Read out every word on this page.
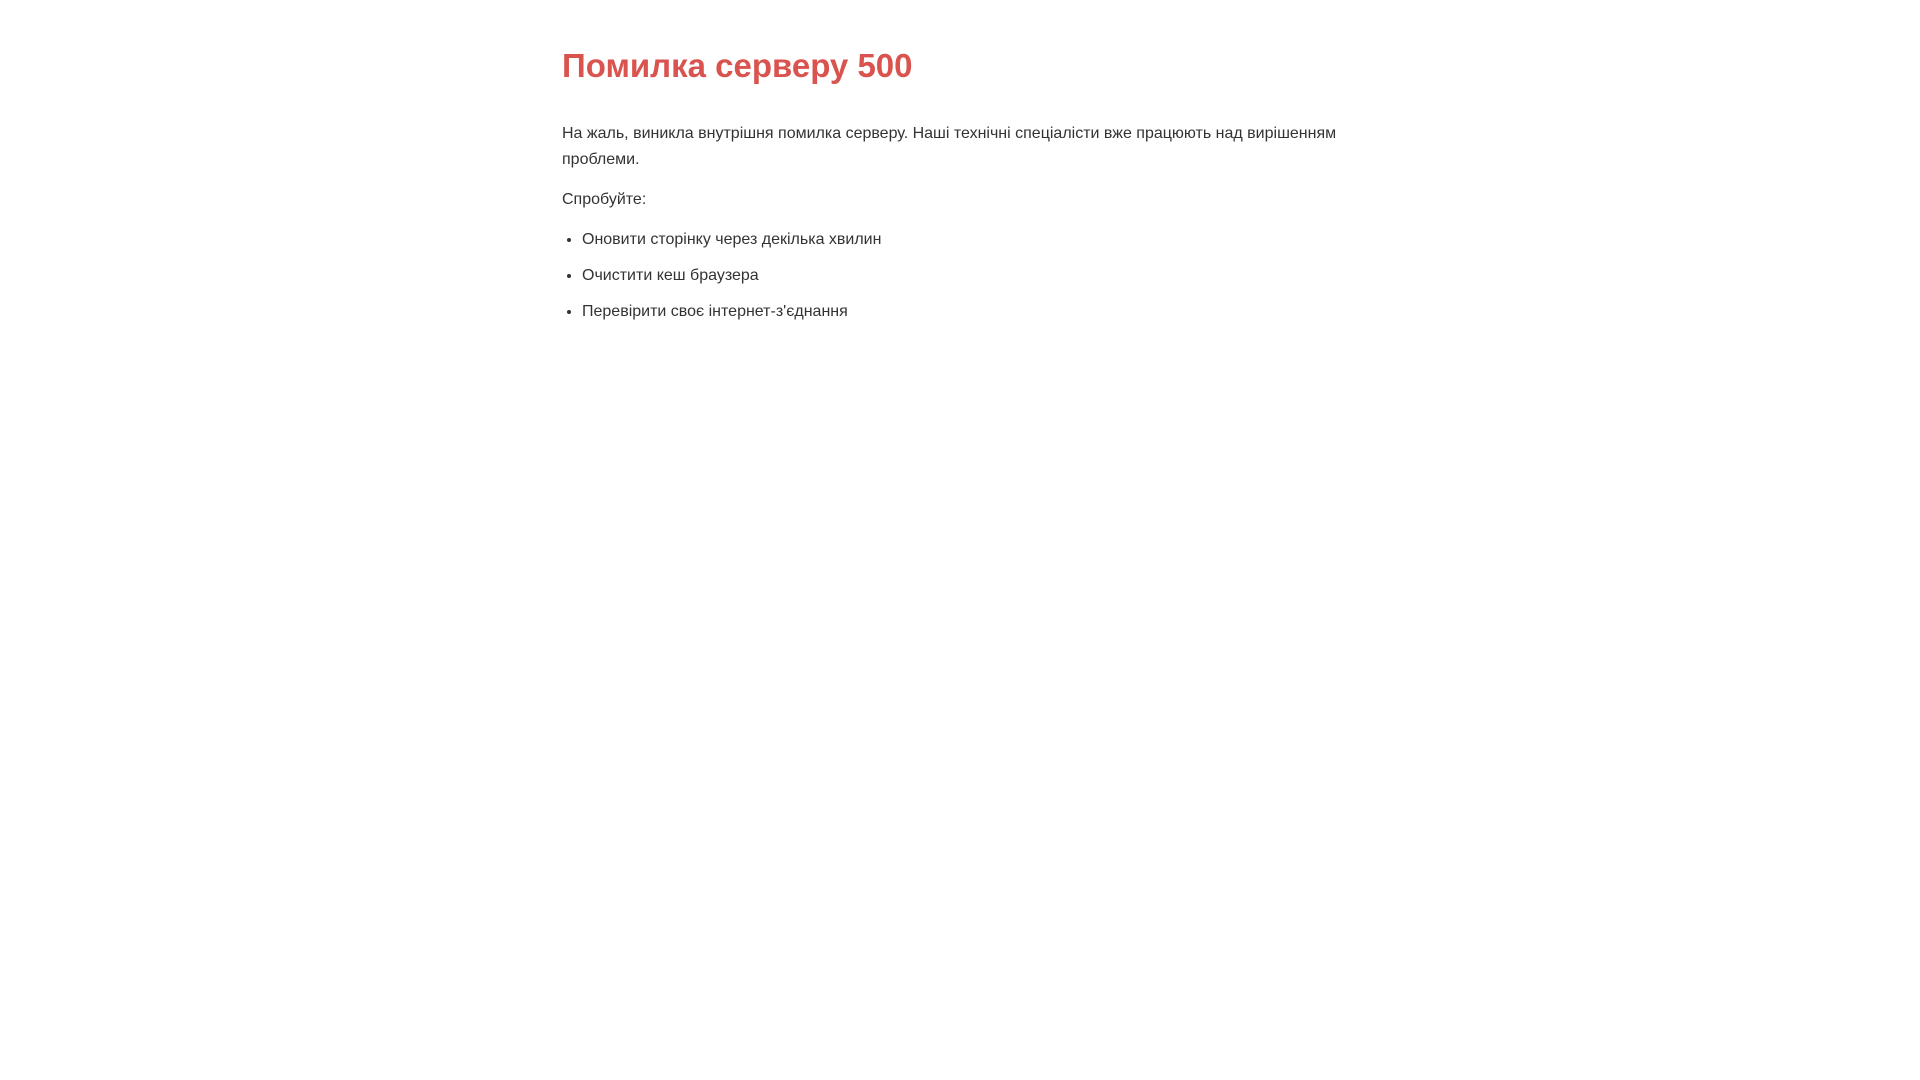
Помилка серверу 500

На жаль, виникла внутрішня помилка серверу. Наші технічні спеціалісти вже працюють над вирішенням проблеми.

Спробуйте:

• Оновити сторінку через декілька хвилин
• Очистити кеш браузера
• Перевірити своє інтернет-з'єднання
